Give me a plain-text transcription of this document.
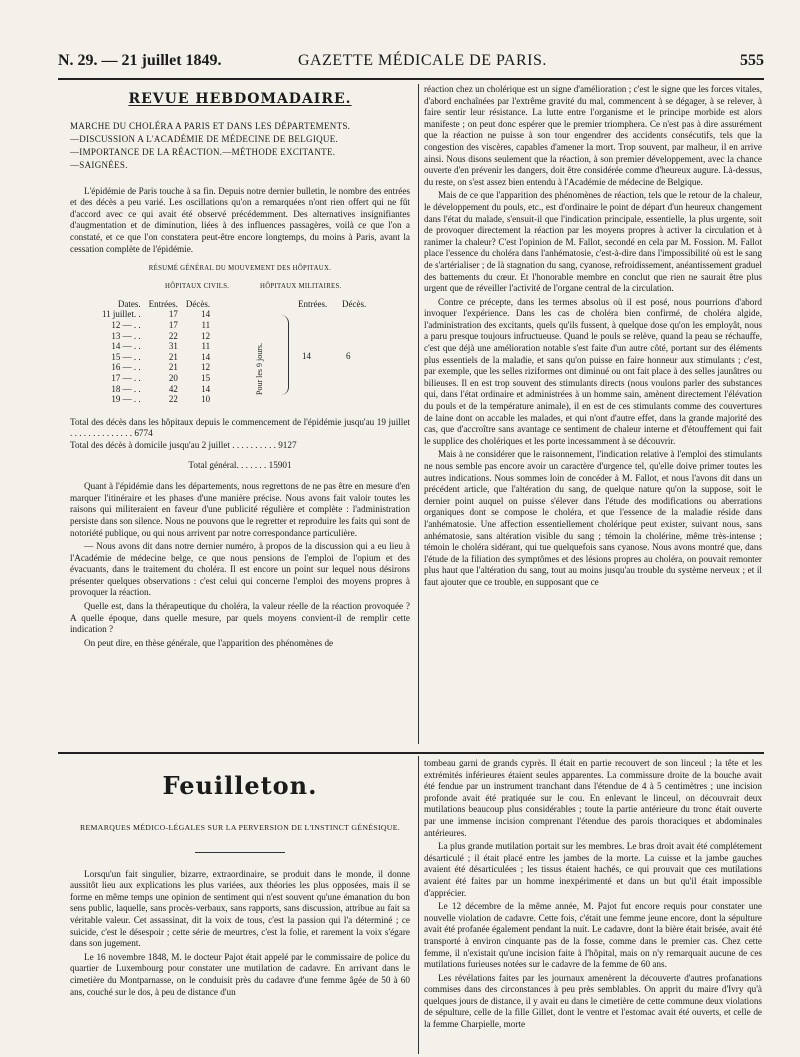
N. 29. — 21 juillet 1849.	GAZETTE MÉDICALE DE PARIS.	555
REVUE HEBDOMADAIRE.
MARCHE DU CHOLÉRA A PARIS ET DANS LES DÉPARTEMENTS.
—DISCUSSION A L'ACADÉMIE DE MÉDECINE DE BELGIQUE.
—IMPORTANCE DE LA RÉACTION.—MÉTHODE EXCITANTE.
—SAIGNÉES.

L'épidémie de Paris touche à sa fin. Depuis notre dernier bulletin, le nombre des entrées et des décès a peu varié. Les oscillations qu'on a remarquées n'ont rien offert qui ne fût d'accord avec ce qui avait été observé précédemment. Des alternatives insignifiantes d'augmentation et de diminution, liées à des influences passagères, voilà ce que l'on a constaté, et ce que l'on constatera peut-être encore longtemps, du moins à Paris, avant la cessation complète de l'épidémie.

RÉSUMÉ GÉNÉRAL DU MOUVEMENT DES HÔPITAUX.
HÔPITAUX CIVILS.	HÔPITAUX MILITAIRES.
Dates.	Entrées.	Décès.
11 juillet. .	17	14
12 — . .	17	11
13 — . .	22	12
14 — . .	31	11
15 — . .	21	14
16 — . .	21	12
17 — . .	20	15
18 — . .	42	14
19 — . .	22	10
Entrées. Décès.
Pour les 9 jours.	14	6
Total des décès dans les hôpitaux depuis le commencement de l'épidémie jusqu'au 19 juillet . . . . . . . . . . . . . . 6774
Total des décès à domicile jusqu'au 2 juillet . . . . . . . . . . 9127
Total général. . . . . . . 15901

Quant à l'épidémie dans les départements, nous regrettons de ne pas être en mesure d'en marquer l'itinéraire et les phases d'une manière précise. Nous avons fait valoir toutes les raisons qui militeraient en faveur d'une publicité régulière et complète : l'administration persiste dans son silence. Nous ne pouvons que le regretter et reproduire les faits qui sont de notoriété publique, ou qui nous arrivent par notre correspondance particulière.

— Nous avons dit dans notre dernier numéro, à propos de la discussion qui a eu lieu à l'Académie de médecine belge, ce que nous pensions de l'emploi de l'opium et des évacuants, dans le traitement du choléra. Il est encore un point sur lequel nous désirons présenter quelques observations : c'est celui qui concerne l'emploi des moyens propres à provoquer la réaction.

Quelle est, dans la thérapeutique du choléra, la valeur réelle de la réaction provoquée ? A quelle époque, dans quelle mesure, par quels moyens convient-il de remplir cette indication ?

On peut dire, en thèse générale, que l'apparition des phénomènes de

réaction chez un cholérique est un signe d'amélioration ; c'est le signe que les forces vitales, d'abord enchaînées par l'extrême gravité du mal, commencent à se dégager, à se relever, à faire sentir leur résistance. La lutte entre l'organisme et le principe morbide est alors manifeste ; on peut donc espérer que le premier triomphera. Ce n'est pas à dire assurément que la réaction ne puisse à son tour engendrer des accidents consécutifs, tels que la congestion des viscères, capables d'amener la mort. Trop souvent, par malheur, il en arrive ainsi. Nous disons seulement que la réaction, à son premier développement, avec la chance ouverte d'en prévenir les dangers, doit être considérée comme d'heureux augure. Là-dessus, du reste, on s'est assez bien entendu à l'Académie de médecine de Belgique.

Mais de ce que l'apparition des phénomènes de réaction, tels que le retour de la chaleur, le développement du pouls, etc., est d'ordinaire le point de départ d'un heureux changement dans l'état du malade, s'ensuit-il que l'indication principale, essentielle, la plus urgente, soit de provoquer directement la réaction par les moyens propres à activer la circulation et à ranimer la chaleur? C'est l'opinion de M. Fallot, secondé en cela par M. Fossion. M. Fallot place l'essence du choléra dans l'anhématosie, c'est-à-dire dans l'impossibilité où est le sang de s'artérialiser ; de là stagnation du sang, cyanose, refroidissement, anéantissement graduel des battements du cœur. Et l'honorable membre en conclut que rien ne saurait être plus urgent que de réveiller l'activité de l'organe central de la circulation.

Contre ce précepte, dans les termes absolus où il est posé, nous pourrions d'abord invoquer l'expérience. Dans les cas de choléra bien confirmé, de choléra algide, l'administration des excitants, quels qu'ils fussent, à quelque dose qu'on les employât, nous a paru presque toujours infructueuse. Quand le pouls se relève, quand la peau se réchauffe, c'est que déjà une amélioration notable s'est faite d'un autre côté, portant sur des éléments plus essentiels de la maladie, et sans qu'on puisse en faire honneur aux stimulants ; c'est, par exemple, que les selles riziformes ont diminué ou ont fait place à des selles jaunâtres ou bilieuses. Il en est trop souvent des stimulants directs (nous voulons parler des substances qui, dans l'état ordinaire et administrées à un homme sain, amènent directement l'élévation du pouls et de la température animale), il en est de ces stimulants comme des couvertures de laine dont on accable les malades, et qui n'ont d'autre effet, dans la grande majorité des cas, que d'accroître sans avantage ce sentiment de chaleur interne et d'étouffement qui fait le supplice des cholériques et les porte incessamment à se découvrir.

Mais à ne considérer que le raisonnement, l'indication relative à l'emploi des stimulants ne nous semble pas encore avoir un caractère d'urgence tel, qu'elle doive primer toutes les autres indications. Nous sommes loin de concéder à M. Fallot, et nous l'avons dit dans un précédent article, que l'altération du sang, de quelque nature qu'on la suppose, soit le dernier point auquel on puisse s'élever dans l'étude des modifications ou aberrations organiques dont se compose le choléra, et que l'essence de la maladie réside dans l'anhématosie. Une affection essentiellement cholérique peut exister, suivant nous, sans anhématosie, sans altération visible du sang ; témoin la cholérine, même très-intense ; témoin le choléra sidérant, qui tue quelquefois sans cyanose. Nous avons montré que, dans l'étude de la filiation des symptômes et des lésions propres au choléra, on pouvait remonter plus haut que l'altération du sang, tout au moins jusqu'au trouble du système nerveux ; et il faut ajouter que ce trouble, en supposant que ce

Feuilleton.
REMARQUES MÉDICO-LÉGALES SUR LA PERVERSION DE L'INSTINCT GÉNÉSIQUE.

Lorsqu'un fait singulier, bizarre, extraordinaire, se produit dans le monde, il donne aussitôt lieu aux explications les plus variées, aux théories les plus opposées, mais il se forme en même temps une opinion de sentiment qui n'est souvent qu'une émanation du bon sens public, laquelle, sans procès-verbaux, sans rapports, sans discussion, attribue au fait sa véritable valeur. Cet assassinat, dit la voix de tous, c'est la passion qui l'a déterminé ; ce suicide, c'est le désespoir ; cette série de meurtres, c'est la folie, et rarement la voix s'égare dans son jugement.

Le 16 novembre 1848, M. le docteur Pajot était appelé par le commissaire de police du quartier de Luxembourg pour constater une mutilation de cadavre. En arrivant dans le cimetière du Montparnasse, on le conduisit près du cadavre d'une femme âgée de 50 à 60 ans, couché sur le dos, à peu de distance d'un

tombeau garni de grands cyprès. Il était en partie recouvert de son linceul ; la tête et les extrémités inférieures étaient seules apparentes. La commissure droite de la bouche avait été fendue par un instrument tranchant dans l'étendue de 4 à 5 centimètres ; une incision profonde avait été pratiquée sur le cou. En enlevant le linceul, on découvrait deux mutilations beaucoup plus considérables ; toute la partie antérieure du tronc était ouverte par une immense incision comprenant l'étendue des parois thoraciques et abdominales antérieures.

La plus grande mutilation portait sur les membres. Le bras droit avait été complétement désarticulé ; il était placé entre les jambes de la morte. La cuisse et la jambe gauches avaient été désarticulées ; les tissus étaient hachés, ce qui prouvait que ces mutilations avaient été faites par un homme inexpérimenté et dans un but qu'il était impossible d'apprécier.

Le 12 décembre de la même année, M. Pajot fut encore requis pour constater une nouvelle violation de cadavre. Cette fois, c'était une femme jeune encore, dont la sépulture avait été profanée également pendant la nuit. Le cadavre, dont la bière était brisée, avait été transporté à environ cinquante pas de la fosse, comme dans le premier cas. Chez cette femme, il n'existait qu'une incision faite à l'hôpital, mais on n'y remarquait aucune de ces mutilations furieuses notées sur le cadavre de la femme de 60 ans.

Les révélations faites par les journaux amenèrent la découverte d'autres profanations commises dans des circonstances à peu près semblables. On apprit du maire d'Ivry qu'à quelques jours de distance, il y avait eu dans le cimetière de cette commune deux violations de sépulture, celle de la fille Gillet, dont le ventre et l'estomac avait été ouverts, et celle de la femme Charpielle, morte
